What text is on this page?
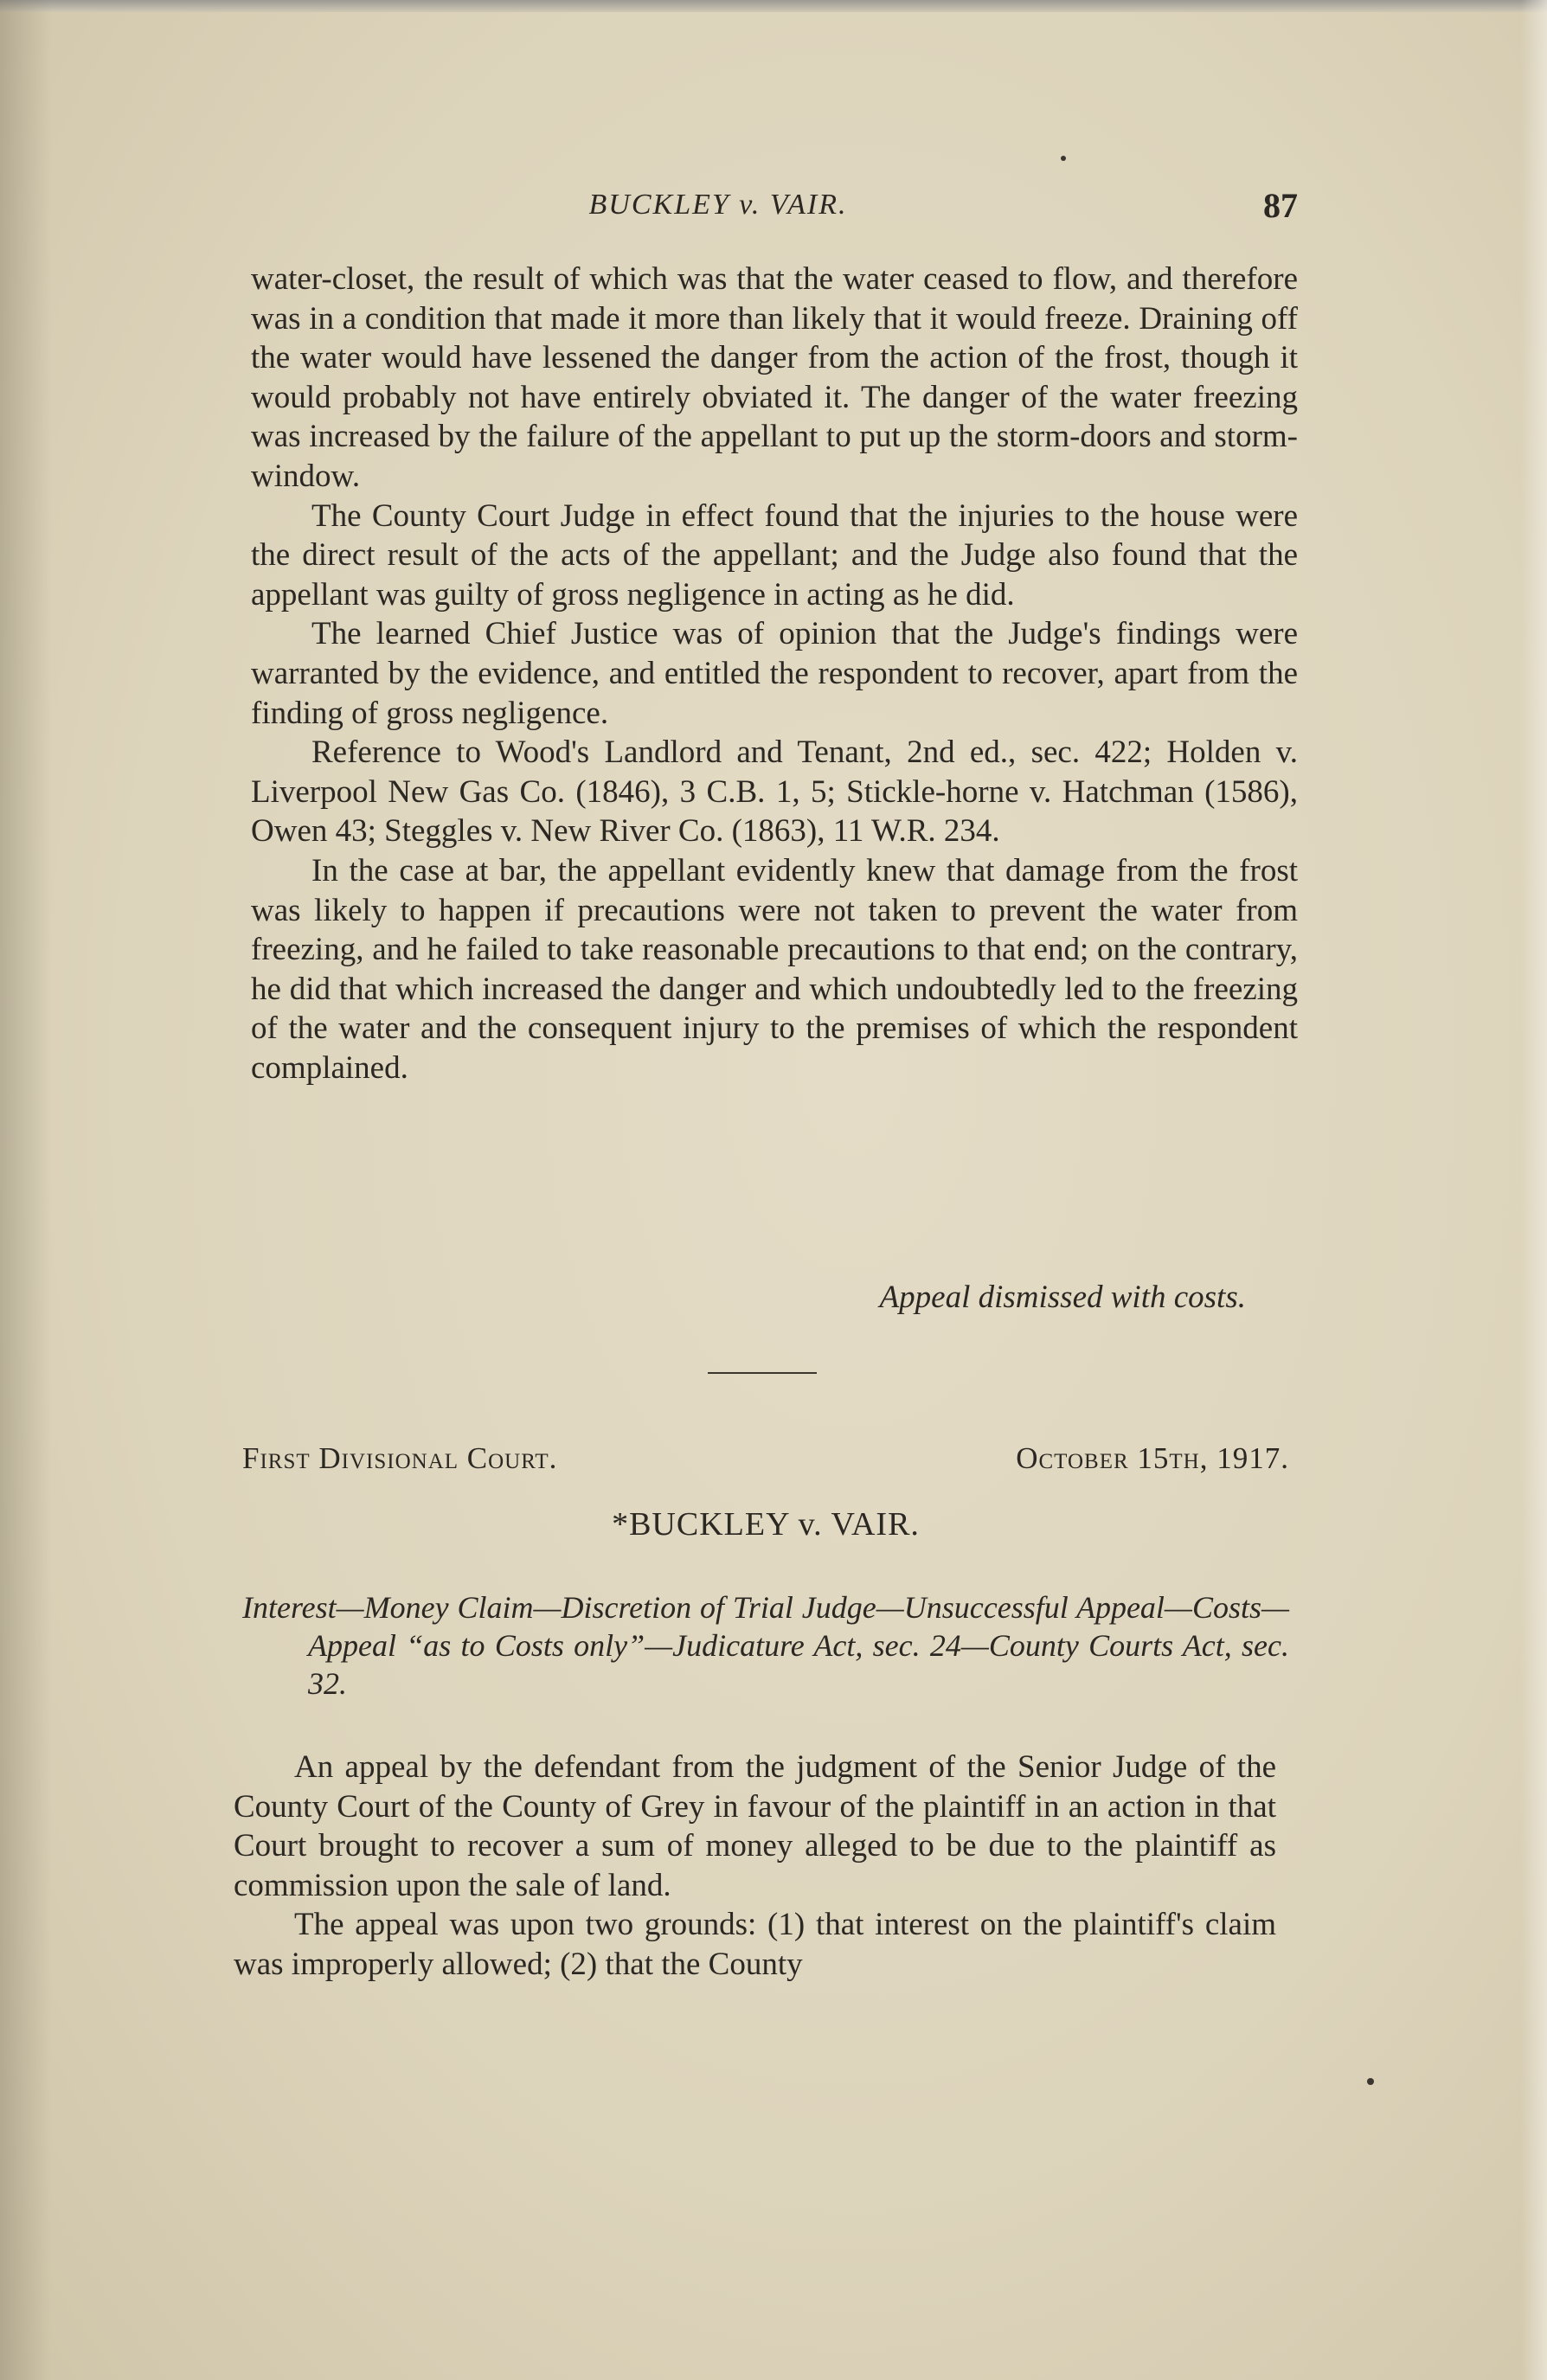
BUCKLEY v. VAIR.	87

water-closet, the result of which was that the water ceased to flow, and therefore was in a condition that made it more than likely that it would freeze. Draining off the water would have lessened the danger from the action of the frost, though it would probably not have entirely obviated it. The danger of the water freezing was increased by the failure of the appellant to put up the storm-doors and storm-window.

The County Court Judge in effect found that the injuries to the house were the direct result of the acts of the appellant; and the Judge also found that the appellant was guilty of gross negligence in acting as he did.

The learned Chief Justice was of opinion that the Judge's findings were warranted by the evidence, and entitled the respondent to recover, apart from the finding of gross negligence.

Reference to Wood's Landlord and Tenant, 2nd ed., sec. 422; Holden v. Liverpool New Gas Co. (1846), 3 C.B. 1, 5; Stickle-horne v. Hatchman (1586), Owen 43; Steggles v. New River Co. (1863), 11 W.R. 234.

In the case at bar, the appellant evidently knew that damage from the frost was likely to happen if precautions were not taken to prevent the water from freezing, and he failed to take reasonable precautions to that end; on the contrary, he did that which increased the danger and which undoubtedly led to the freezing of the water and the consequent injury to the premises of which the respondent complained.

Appeal dismissed with costs.
First Divisional Court.	October 15th, 1917.
*BUCKLEY v. VAIR.

Interest—Money Claim—Discretion of Trial Judge—Unsuccessful Appeal—Costs—Appeal “as to Costs only”—Judicature Act, sec. 24—County Courts Act, sec. 32.

An appeal by the defendant from the judgment of the Senior Judge of the County Court of the County of Grey in favour of the plaintiff in an action in that Court brought to recover a sum of money alleged to be due to the plaintiff as commission upon the sale of land.

The appeal was upon two grounds: (1) that interest on the plaintiff's claim was improperly allowed; (2) that the County
